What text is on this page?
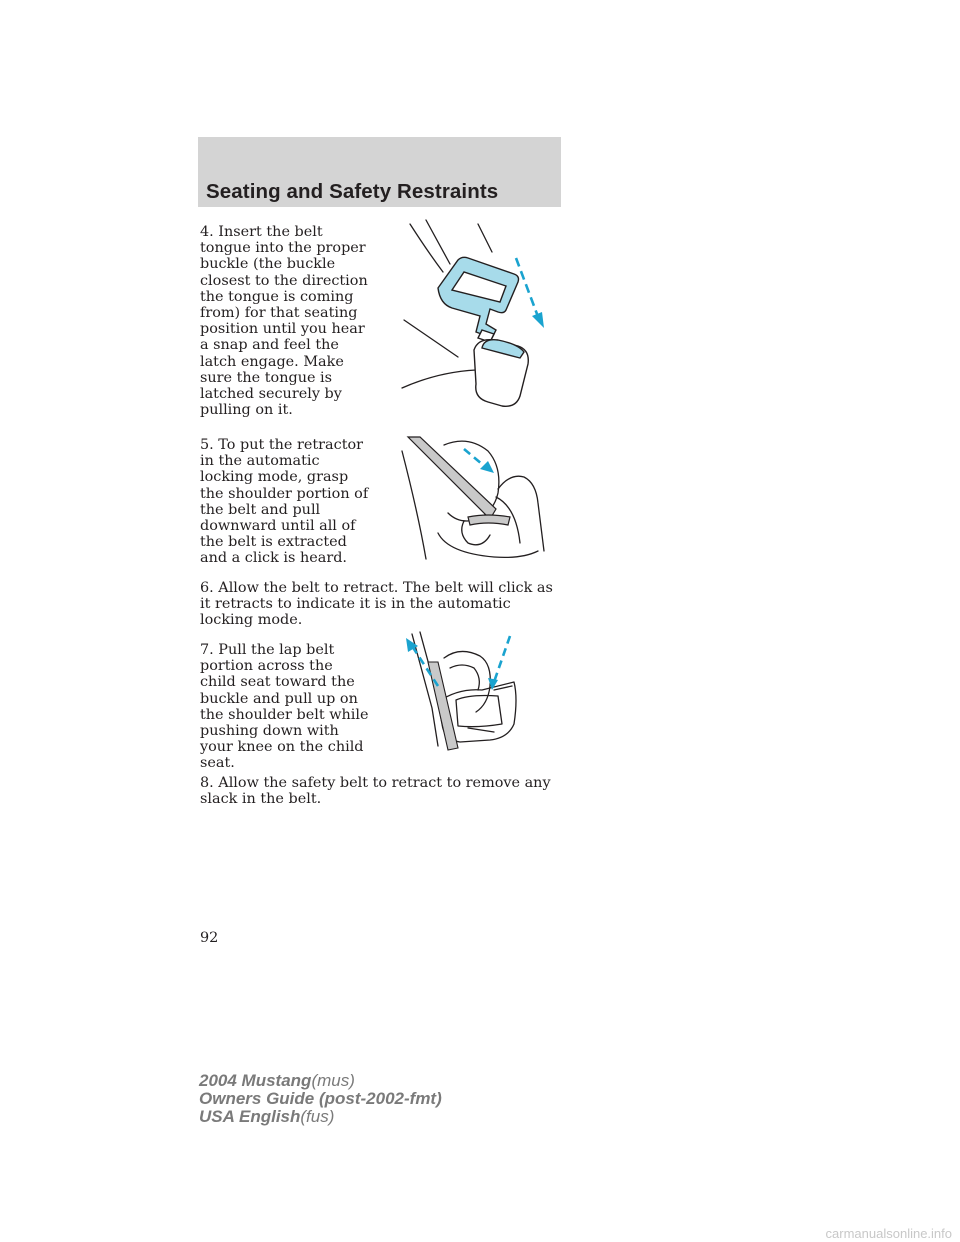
Seating and Safety Restraints

4. Insert the belt tongue into the proper buckle (the buckle closest to the direction the tongue is coming from) for that seating position until you hear a snap and feel the latch engage. Make sure the tongue is latched securely by pulling on it.

5. To put the retractor in the automatic locking mode, grasp the shoulder portion of the belt and pull downward until all of the belt is extracted and a click is heard.

6. Allow the belt to retract. The belt will click as it retracts to indicate it is in the automatic locking mode.

7. Pull the lap belt portion across the child seat toward the buckle and pull up on the shoulder belt while pushing down with your knee on the child seat.

8. Allow the safety belt to retract to remove any slack in the belt.

92
2004 Mustang(mus)
Owners Guide (post-2002-fmt)
USA English(fus)
carmanualsonline.info
